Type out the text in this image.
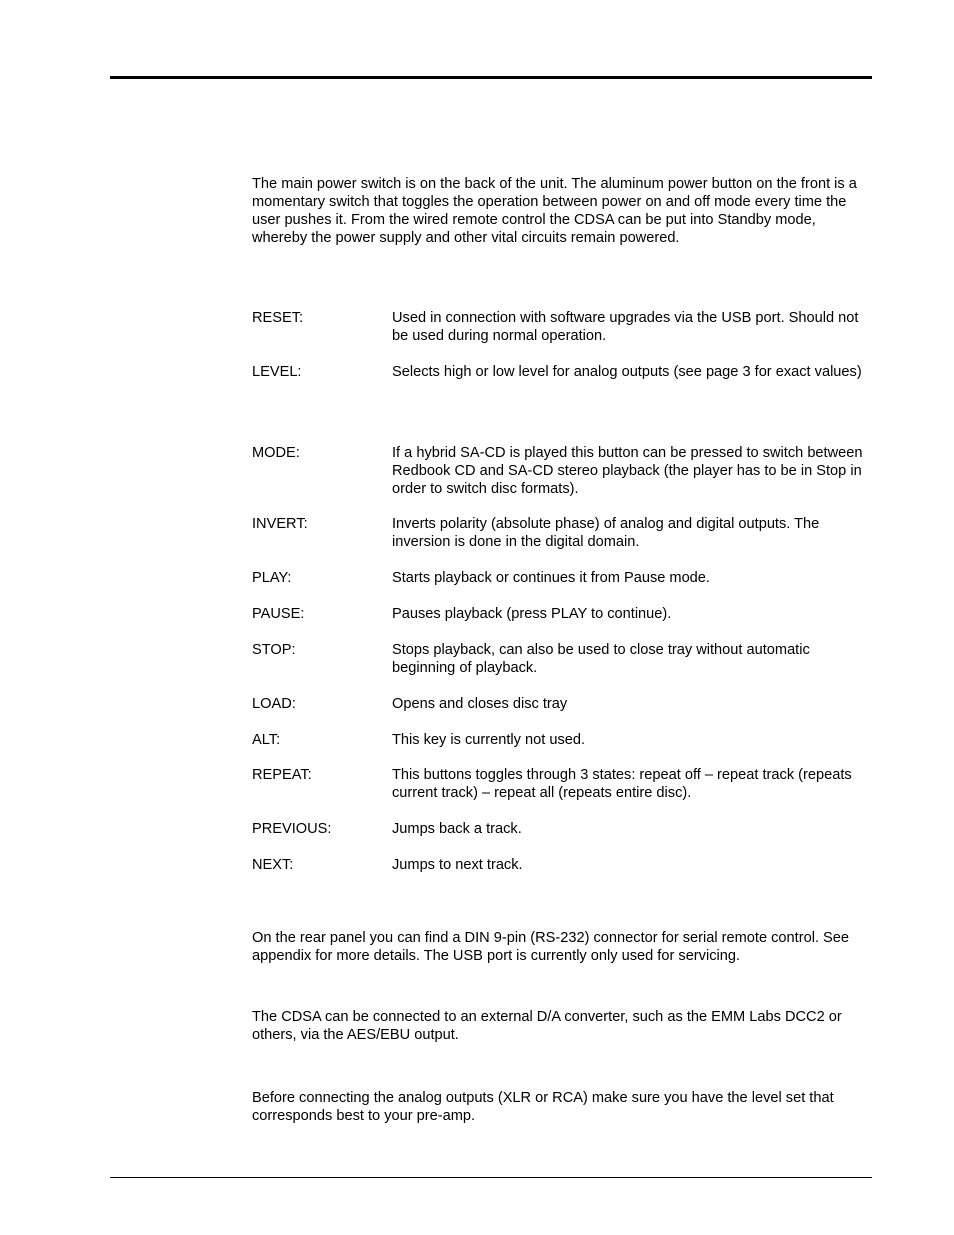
The main power switch is on the back of the unit. The aluminum power button on the front is a momentary switch that toggles the operation between power on and off mode every time the user pushes it. From the wired remote control the CDSA can be put into Standby mode, whereby the power supply and other vital circuits remain powered.

RESET:	Used in connection with software upgrades via the USB port. Should not be used during normal operation.
LEVEL:	Selects high or low level for analog outputs (see page 3 for exact values)
MODE:	If a hybrid SA-CD is played this button can be pressed to switch between Redbook CD and SA-CD stereo playback (the player has to be in Stop in order to switch disc formats).
INVERT:	Inverts polarity (absolute phase) of analog and digital outputs. The inversion is done in the digital domain.
PLAY:	Starts playback or continues it from Pause mode.
PAUSE:	Pauses playback (press PLAY to continue).
STOP:	Stops playback, can also be used to close tray without automatic beginning of playback.
LOAD:	Opens and closes disc tray
ALT:	This key is currently not used.
REPEAT:	This buttons toggles through 3 states: repeat off – repeat track (repeats current track) – repeat all (repeats entire disc).
PREVIOUS:	Jumps back a track.
NEXT:	Jumps to next track.

On the rear panel you can find a DIN 9-pin (RS-232) connector for serial remote control. See appendix for more details. The USB port is currently only used for servicing.

The CDSA can be connected to an external D/A converter, such as the EMM Labs DCC2 or others, via the AES/EBU output.

Before connecting the analog outputs (XLR or RCA) make sure you have the level set that corresponds best to your pre-amp.
